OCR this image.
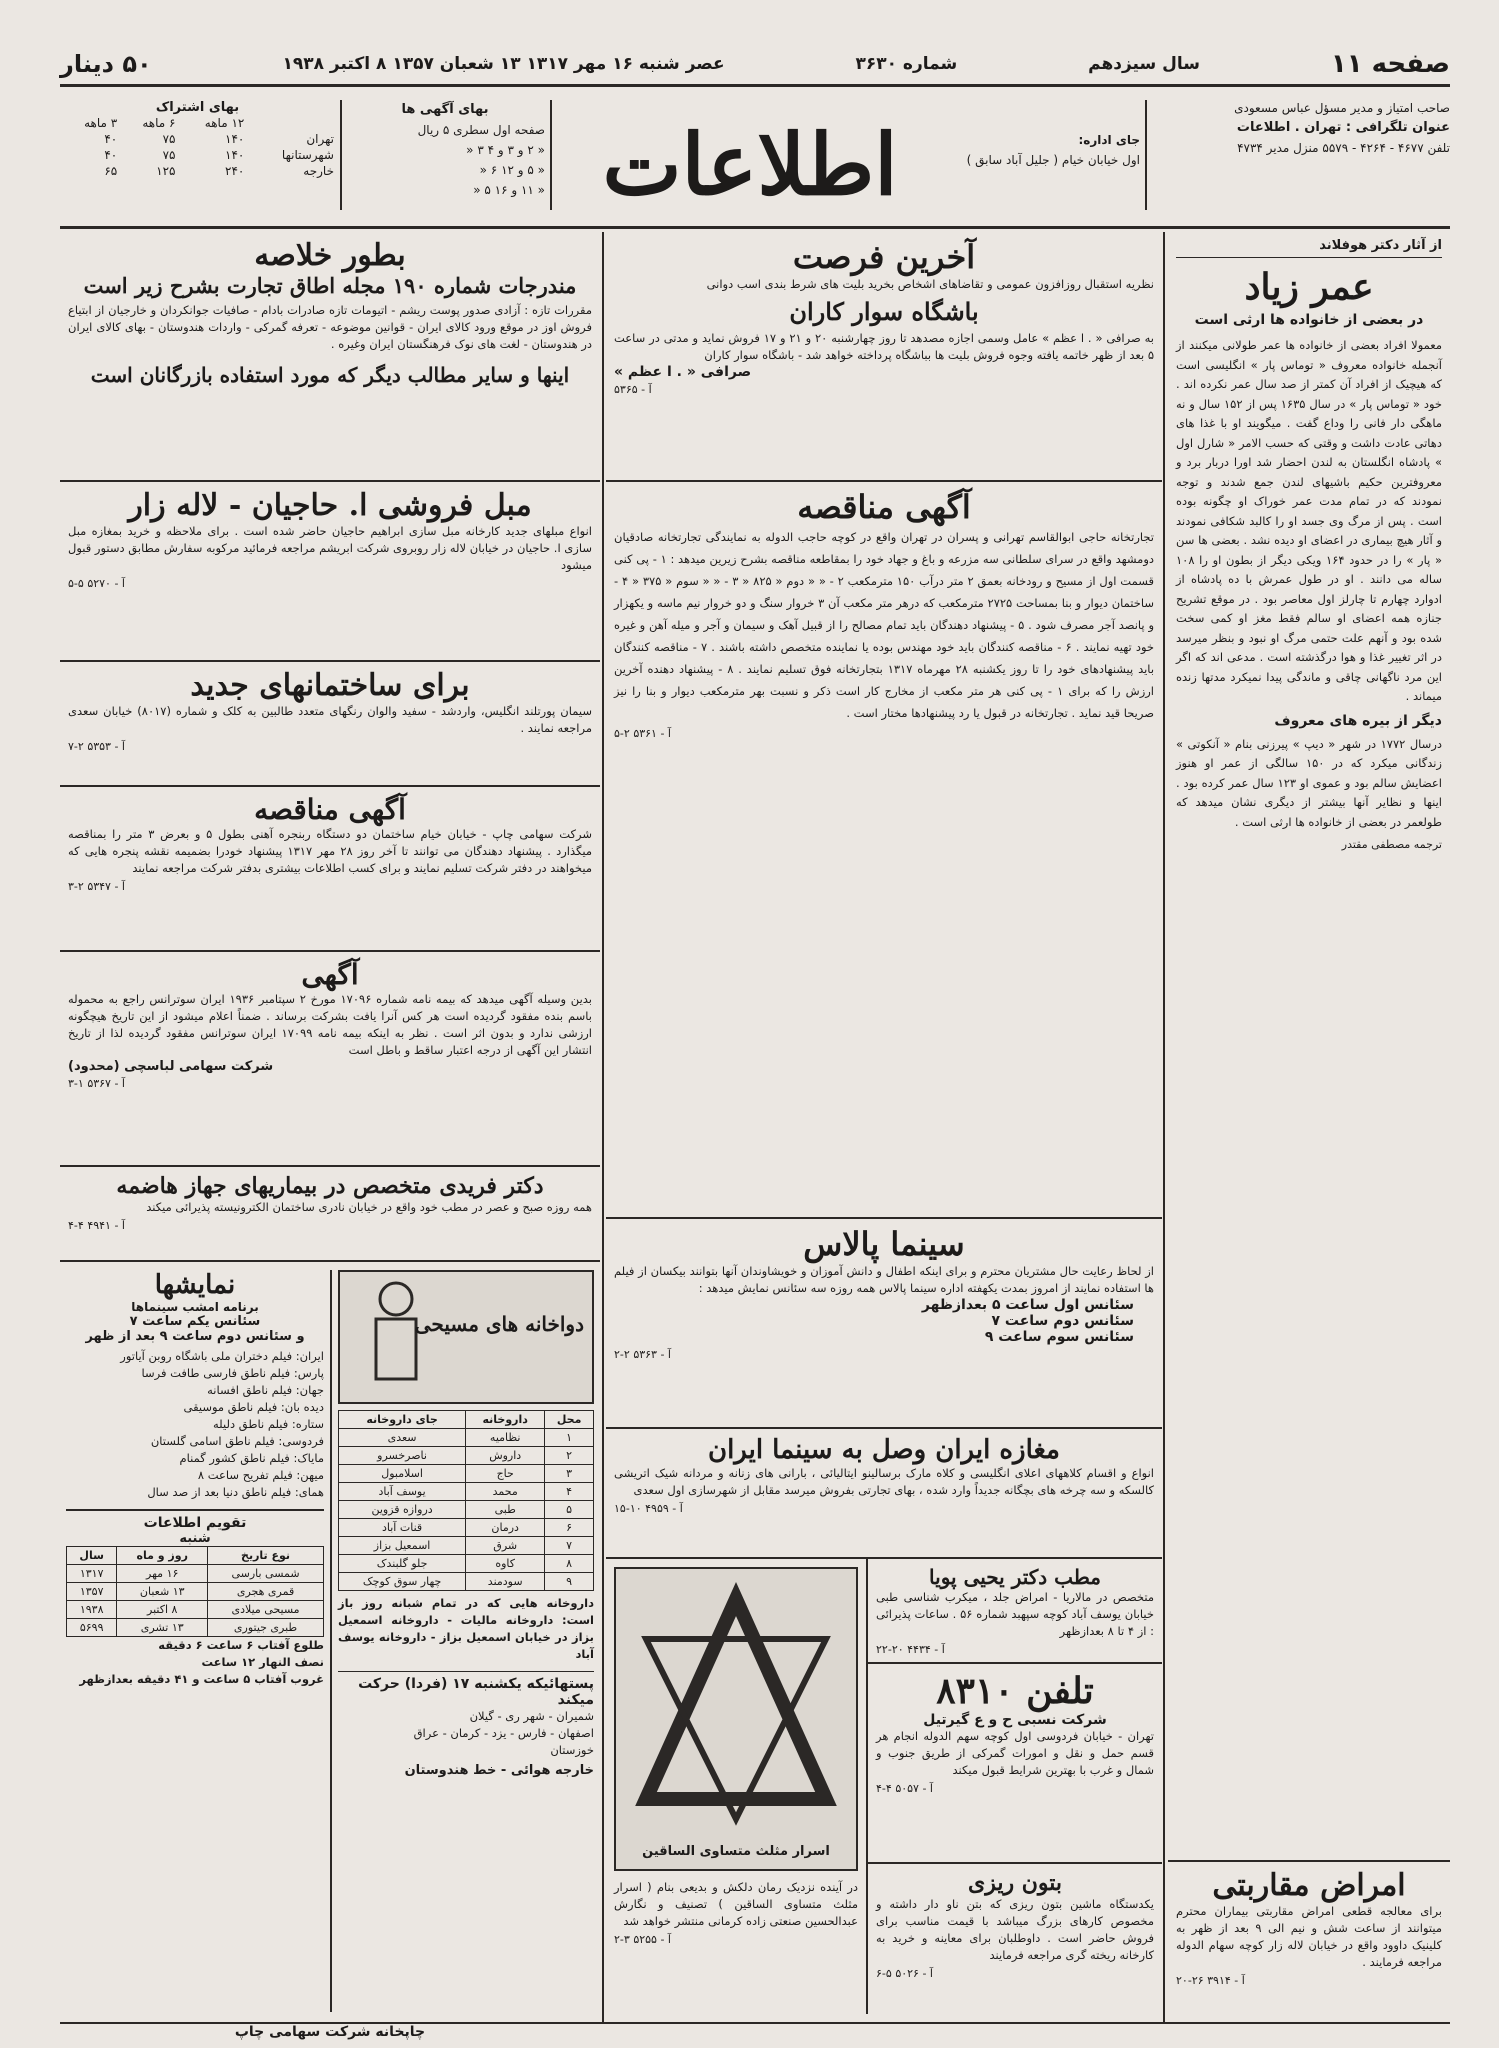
صفحه ۱۱
سال سیزدهم
شماره ۳۶۳۰
عصر شنبه ۱۶ مهر ۱۳۱۷ ۱۳ شعبان ۱۳۵۷ ۸ اکتبر ۱۹۳۸
۵۰ دینار
صاحب امتیاز و مدیر مسؤل عباس مسعودی
عنوان تلگرافی : تهران . اطلاعات
تلفن ۴۶۷۷ - ۴۲۶۴ - ۵۵۷۹ منزل مدیر ۴۷۳۴
جای اداره:
اول خیابان خیام ( جلیل آباد سابق )
اطلاعات
بهای آگهی ها
صفحه اول سطری ۵ ریال
« ۲ و ۳ و ۴ ۳ «
« ۵ و ۱۲ ۶ «
« ۱۱ و ۱۶ ۵ «
بهای اشتراک
	۱۲ ماهه	۶ ماهه	۳ ماهه
تهران	۱۴۰	۷۵	۴۰
شهرستانها	۱۴۰	۷۵	۴۰
خارجه	۲۴۰	۱۲۵	۶۵
از آثار دکتر هوفلاند
عمر زیاد
در بعضی از خانواده ها ارثی است
معمولا افراد بعضی از خانواده ها عمر طولانی میکنند از آنجمله خانواده معروف « توماس پار » انگلیسی است که هیچیک از افراد آن کمتر از صد سال عمر نکرده اند . خود « توماس پار » در سال ۱۶۳۵ پس از ۱۵۲ سال و نه ماهگی دار فانی را وداع گفت . میگویند او با غذا های دهاتی عادت داشت و وقتی که حسب الامر « شارل اول » پادشاه انگلستان به لندن احضار شد اورا دربار برد و معروفترین حکیم باشیهای لندن جمع شدند و توجه نمودند که در تمام مدت عمر خوراک او چگونه بوده است . پس از مرگ وی جسد او را کالبد شکافی نمودند و آثار هیچ بیماری در اعضای او دیده نشد . بعضی ها سن « پار » را در حدود ۱۶۴ ویکی دیگر از بطون او را ۱۰۸ ساله می دانند . او در طول عمرش با ده پادشاه از ادوارد چهارم تا چارلز اول معاصر بود . در موقع تشریح جنازه همه اعضای او سالم فقط مغز او کمی سخت شده بود و آنهم علت حتمی مرگ او نبود و بنظر میرسد در اثر تغییر غذا و هوا درگذشته است . مدعی اند که اگر این مرد ناگهانی چاقی و ماندگی پیدا نمیکرد مدتها زنده میماند .
دیگر از بیره های معروف
درسال ۱۷۷۲ در شهر « دیپ » پیرزنی بنام « آنکوتی » زندگانی میکرد که در ۱۵۰ سالگی از عمر او هنوز اعضایش سالم بود و عموی او ۱۲۳ سال عمر کرده بود . اینها و نظایر آنها بیشتر از دیگری نشان میدهد که طولعمر در بعضی از خانواده ها ارثی است .
ترجمه مصطفی مقتدر
امراض مقاربتی
برای معالجه قطعی امراض مقاربتی بیماران محترم میتوانند از ساعت شش و نیم الی ۹ بعد از ظهر به کلینیک داوود واقع در خیابان لاله زار کوچه سهام الدوله مراجعه فرمایند .
آ - ۳۹۱۴ ۲۶-۲۰
آخرین فرصت
نظریه استقبال روزافزون عمومی و تقاضاهای اشخاص بخرید بلیت های شرط بندی اسب دوانی
باشگاه سوار کاران
به صرافی « . ا عظم » عامل وسمی اجازه مصدهد تا روز چهارشنبه ۲۰ و ۲۱ و ۱۷ فروش نماید و مدتی در ساعت ۵ بعد از ظهر خاتمه یافته وجوه فروش بلیت ها بباشگاه پرداخته خواهد شد - باشگاه سوار کاران
صرافی « . ا عظم »
آ - ۵۳۶۵
آگهی مناقصه
تجارتخانه حاجی ابوالقاسم تهرانی و پسران در تهران واقع در کوچه حاجب الدوله به نمایندگی تجارتخانه صادقیان دومشهد واقع در سرای سلطانی سه مزرعه و باغ و جهاد خود را بمقاطعه مناقصه بشرح زیرین میدهد : ۱ - پی کنی قسمت اول از مسیح و رودخانه بعمق ۲ متر درآب ۱۵۰ مترمکعب ۲ - « « دوم « ۸۲۵ « ۳ - « « سوم « ۳۷۵ « ۴ - ساختمان دیوار و بنا بمساحت ۲۷۲۵ مترمکعب که درهر متر مکعب آن ۳ خروار سنگ و دو خروار نیم ماسه و یکهزار و پانصد آجر مصرف شود . ۵ - پیشنهاد دهندگان باید تمام مصالح را از قبیل آهک و سیمان و آجر و میله آهن و غیره خود تهیه نمایند . ۶ - مناقصه کنندگان باید خود مهندس بوده یا نماینده متخصص داشته باشند . ۷ - مناقصه کنندگان باید پیشنهادهای خود را تا روز یکشنبه ۲۸ مهرماه ۱۳۱۷ بتجارتخانه فوق تسلیم نمایند . ۸ - پیشنهاد دهنده آخرین ارزش را که برای ۱ - پی کنی هر متر مکعب از مخارج کار است ذکر و نسبت بهر مترمکعب دیوار و بنا را نیز صریحا قید نماید . تجارتخانه در قبول یا رد پیشنهادها مختار است .
آ - ۵۳۶۱ ۲-۵
سینما پالاس
از لحاظ رعایت حال مشتریان محترم و برای اینکه اطفال و دانش آموزان و خویشاوندان آنها بتوانند بیکسان از فیلم ها استفاده نمایند از امروز بمدت یکهفته اداره سینما پالاس همه روزه سه سئانس نمایش میدهد :
سئانس اول ساعت ۵ بعدازظهر
سئانس دوم ساعت ۷
سئانس سوم ساعت ۹
آ - ۵۳۶۳ ۲-۲
مغازه ایران وصل به سینما ایران
انواع و اقسام کلاههای اعلای انگلیسی و کلاه مارک برسالینو ایتالیائی ، بارانی های زنانه و مردانه شیک اتریشی کالسکه و سه چرخه های بچگانه جدیداً وارد شده ، بهای تجارتی بفروش میرسد مقابل از شهرسازی اول سعدی
آ - ۴۹۵۹ ۱۰-۱۵
مطب دکتر یحیی پویا
متخصص در مالاریا - امراض جلد ، میکرب شناسی طبی خیابان یوسف آباد کوچه سپهبد شماره ۵۶ . ساعات پذیرائی : از ۴ تا ۸ بعدازظهر
آ - ۴۴۳۴ ۲۰-۲۲
تلفن ۸۳۱۰
شرکت نسبی ح و ع گیرتیل
تهران - خیابان فردوسی اول کوچه سهم الدوله انجام هر قسم حمل و نقل و امورات گمرکی از طریق جنوب و شمال و غرب با بهترین شرایط قبول میکند
آ - ۵۰۵۷ ۴-۴
بتون ریزی
یکدستگاه ماشین بتون ریزی که بتن ناو دار داشته و مخصوص کارهای بزرگ میباشد با قیمت مناسب برای فروش حاضر است . داوطلبان برای معاینه و خرید به کارخانه ریخته گری مراجعه فرمایند
آ - ۵۰۲۶ ۵-۶
اسرار مثلث متساوی الساقین
در آینده نزدیک رمان دلکش و بدیعی بنام ( اسرار مثلث متساوی الساقین ) تصنیف و نگارش عبدالحسین صنعتی زاده کرمانی منتشر خواهد شد
آ - ۵۲۵۵ ۳-۲
بطور خلاصه
مندرجات شماره ۱۹۰ مجله اطاق تجارت بشرح زیر است
مقررات تازه : آزادی صدور پوست ریشم - اتیومات تازه صادرات بادام - صافیات جوانکردان و خارجیان از ابتیاع فروش اوز در موقع ورود کالای ایران - قوانین موضوعه - تعرفه گمرکی - واردات هندوستان - بهای کالای ایران در هندوستان - لغت های نوک فرهنگستان ایران وغیره .
اینها و سایر مطالب دیگر که مورد استفاده بازرگانان است
مبل فروشی ا. حاجیان - لاله زار
انواع مبلهای جدید کارخانه مبل سازی ابراهیم حاجیان حاضر شده است . برای ملاحظه و خرید بمغازه مبل سازی ا. حاجیان در خیابان لاله زار روبروی شرکت ابریشم مراجعه فرمائید مرکوبه سفارش مطابق دستور قبول میشود
آ - ۵۲۷۰ ۵-۵
برای ساختمانهای جدید
سیمان پورتلند انگلیس، واردشد - سفید والوان رنگهای متعدد طالبین به کلک و شماره (۸۰۱۷) خیابان سعدی مراجعه نمایند .
آ - ۵۳۵۳ ۲-۷
آگهی مناقصه
شرکت سهامی چاپ - خیابان خیام ساختمان دو دستگاه ربنجره آهنی بطول ۵ و بعرض ۳ متر را بمناقصه میگذارد . پیشنهاد دهندگان می توانند تا آخر روز ۲۸ مهر ۱۳۱۷ پیشنهاد خودرا بضمیمه نقشه پنجره هایی که میخواهند در دفتر شرکت تسلیم نمایند و برای کسب اطلاعات بیشتری بدفتر شرکت مراجعه نمایند
آ - ۵۳۴۷ ۲-۳
آگهی
بدین وسیله آگهی میدهد که بیمه نامه شماره ۱۷۰۹۶ مورخ ۲ سپتامبر ۱۹۳۶ ایران سوترانس راجع به محموله باسم بنده مفقود گردیده است هر کس آنرا یافت بشرکت برساند . ضمناً اعلام میشود از این تاریخ هیچگونه ارزشی ندارد و بدون اثر است . نظر به اینکه بیمه نامه ۱۷۰۹۹ ایران سوترانس مفقود گردیده لذا از تاریخ انتشار این آگهی از درجه اعتبار ساقط و باطل است
شرکت سهامی لباسچی (محدود)
آ - ۵۳۶۷ ۱-۳
دکتر فریدی متخصص در بیماریهای جهاز هاضمه
همه روزه صبح و عصر در مطب خود واقع در خیابان نادری ساختمان الکترونیسته پذیرائی میکند
آ - ۴۹۴۱ ۴-۴
دواخانه های مسیحی
محل	داروخانه	جای داروخانه
۱	نظامیه	سعدی
۲	داروش	ناصرخسرو
۳	حاج	اسلامبول
۴	محمد	یوسف آباد
۵	طبی	دروازه قزوین
۶	درمان	قنات آباد
۷	شرق	اسمعیل بزاز
۸	کاوه	جلو گلبندک
۹	سودمند	چهار سوق کوچک
داروخانه هایی که در تمام شبانه روز باز است: داروخانه مالیات - داروخانه اسمعیل بزاز در خیابان اسمعیل بزاز - داروخانه یوسف آباد
پستهائیکه یکشنبه ۱۷ (فردا) حرکت میکند
شمیران - شهر ری - گیلان
اصفهان - فارس - یزد - کرمان - عراق
خوزستان
خارجه هوائی - خط هندوستان
نمایشها
برنامه امشب سینماها
سئانس یکم ساعت ۷
و سئانس دوم ساعت ۹ بعد از ظهر
ایران: فیلم دختران ملی باشگاه روبن آیاتور
پارس: فیلم ناطق فارسی طافت فرسا
جهان: فیلم ناطق افسانه
دیده بان: فیلم ناطق موسیقی
ستاره: فیلم ناطق دلیله
فردوسی: فیلم ناطق اسامی گلستان
مایاک: فیلم ناطق کشور گمنام
میهن: فیلم تفریح ساعت ۸
همای: فیلم ناطق دنیا بعد از صد سال
تقویم اطلاعات
شنبه
نوع تاریخ	روز و ماه	سال
شمسی بارسی	۱۶ مهر	۱۳۱۷
قمری هجری	۱۳ شعبان	۱۳۵۷
مسیحی میلادی	۸ اکتبر	۱۹۳۸
طبری جیتوری	۱۳ تشری	۵۶۹۹
طلوع آفتاب ۶ ساعت ۶ دقیقه
نصف النهار ۱۲ ساعت
غروب آفتاب ۵ ساعت و ۴۱ دقیقه بعدازظهر
چاپخانه شرکت سهامی چاپ
